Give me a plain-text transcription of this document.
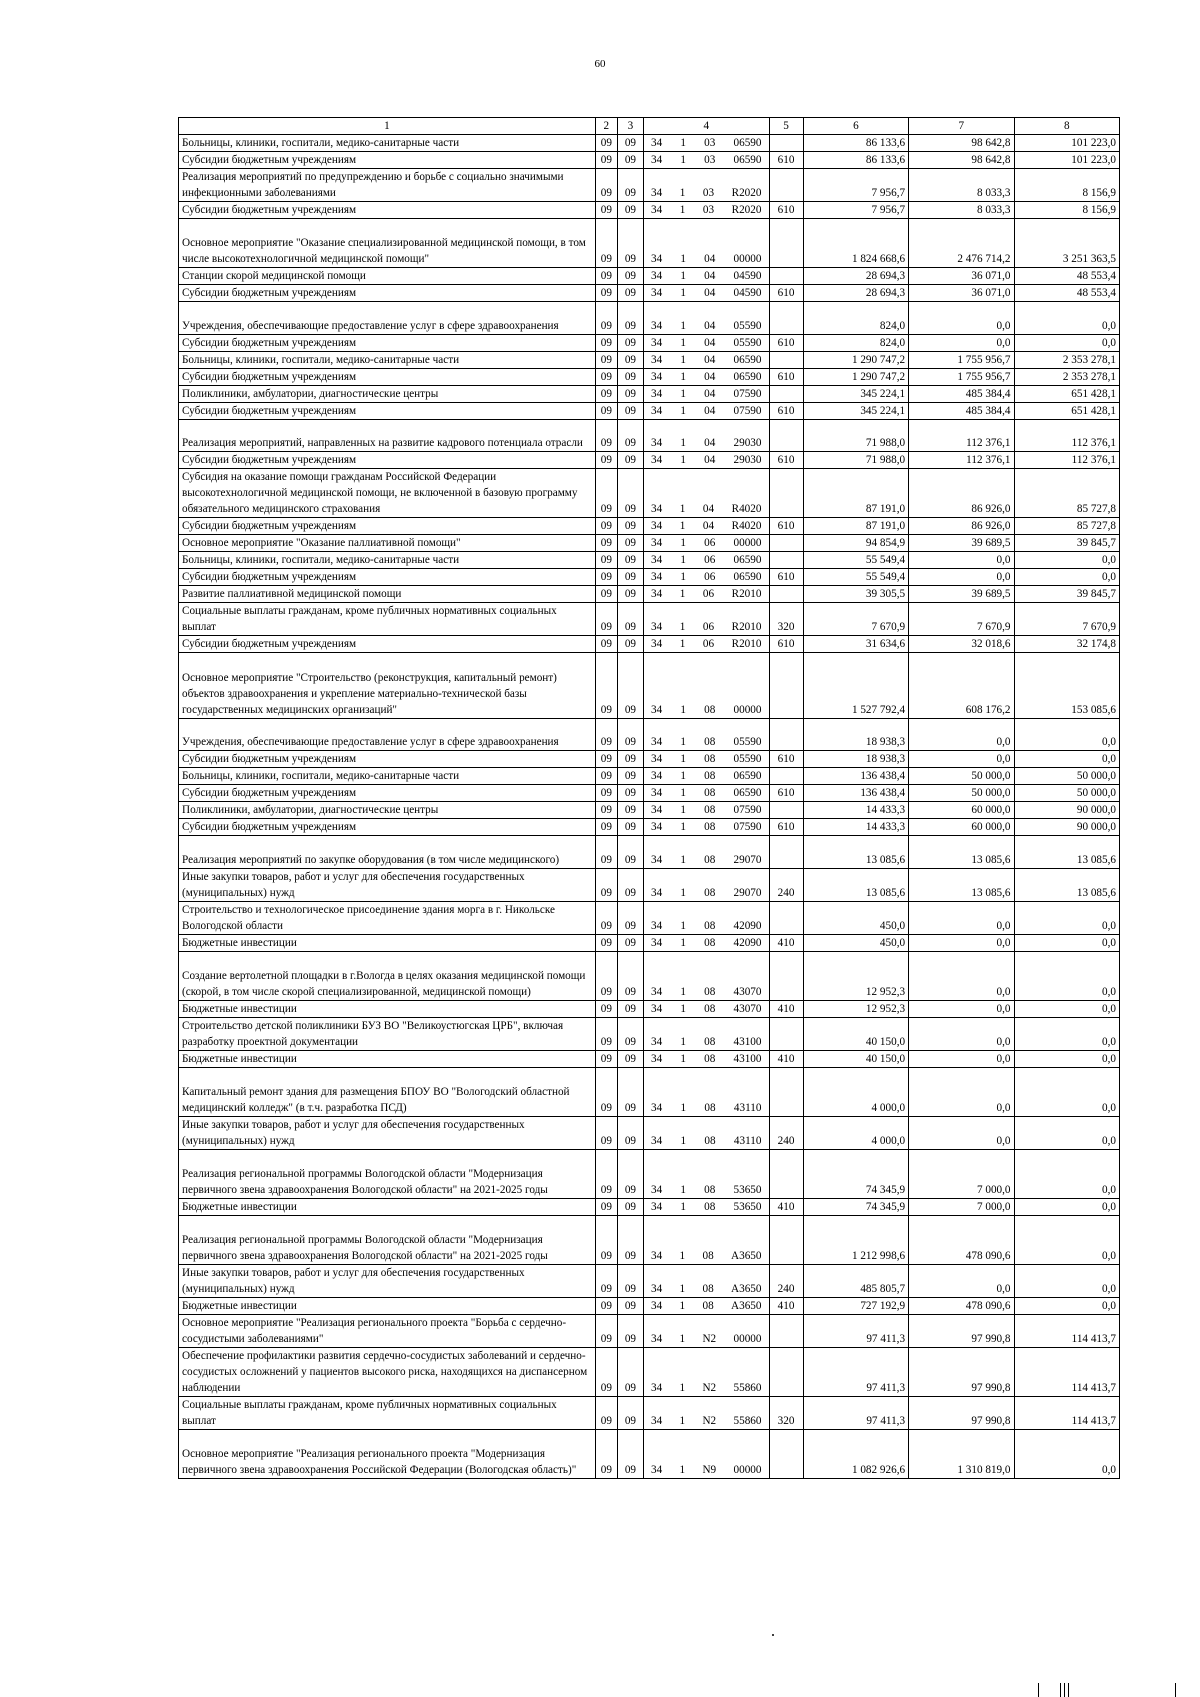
60
1	2	3	4	5	6	7	8
Больницы, клиники, госпитали, медико-санитарные части	09	09	34 1 03 06590		86 133,6	98 642,8	101 223,0
Субсидии бюджетным учреждениям	09	09	34 1 03 06590	610	86 133,6	98 642,8	101 223,0
Реализация мероприятий по предупреждению и борьбе с социально значимыми инфекционными заболеваниями	09	09	34 1 03 R2020		7 956,7	8 033,3	8 156,9
Субсидии бюджетным учреждениям	09	09	34 1 03 R2020	610	7 956,7	8 033,3	8 156,9
Основное мероприятие "Оказание специализированной медицинской помощи, в том числе высокотехнологичной медицинской помощи"	09	09	34 1 04 00000		1 824 668,6	2 476 714,2	3 251 363,5
Станции скорой медицинской помощи	09	09	34 1 04 04590		28 694,3	36 071,0	48 553,4
Субсидии бюджетным учреждениям	09	09	34 1 04 04590	610	28 694,3	36 071,0	48 553,4
Учреждения, обеспечивающие предоставление услуг в сфере здравоохранения	09	09	34 1 04 05590		824,0	0,0	0,0
Субсидии бюджетным учреждениям	09	09	34 1 04 05590	610	824,0	0,0	0,0
Больницы, клиники, госпитали, медико-санитарные части	09	09	34 1 04 06590		1 290 747,2	1 755 956,7	2 353 278,1
Субсидии бюджетным учреждениям	09	09	34 1 04 06590	610	1 290 747,2	1 755 956,7	2 353 278,1
Поликлиники, амбулатории, диагностические центры	09	09	34 1 04 07590		345 224,1	485 384,4	651 428,1
Субсидии бюджетным учреждениям	09	09	34 1 04 07590	610	345 224,1	485 384,4	651 428,1
Реализация мероприятий, направленных на развитие кадрового потенциала отрасли	09	09	34 1 04 29030		71 988,0	112 376,1	112 376,1
Субсидии бюджетным учреждениям	09	09	34 1 04 29030	610	71 988,0	112 376,1	112 376,1
Субсидия на оказание помощи гражданам Российской Федерации высокотехнологичной медицинской помощи, не включенной в базовую программу обязательного медицинского страхования	09	09	34 1 04 R4020		87 191,0	86 926,0	85 727,8
Субсидии бюджетным учреждениям	09	09	34 1 04 R4020	610	87 191,0	86 926,0	85 727,8
Основное мероприятие "Оказание паллиативной помощи"	09	09	34 1 06 00000		94 854,9	39 689,5	39 845,7
Больницы, клиники, госпитали, медико-санитарные части	09	09	34 1 06 06590		55 549,4	0,0	0,0
Субсидии бюджетным учреждениям	09	09	34 1 06 06590	610	55 549,4	0,0	0,0
Развитие паллиативной медицинской помощи	09	09	34 1 06 R2010		39 305,5	39 689,5	39 845,7
Социальные выплаты гражданам, кроме публичных нормативных социальных выплат	09	09	34 1 06 R2010	320	7 670,9	7 670,9	7 670,9
Субсидии бюджетным учреждениям	09	09	34 1 06 R2010	610	31 634,6	32 018,6	32 174,8
Основное мероприятие "Строительство (реконструкция, капитальный ремонт) объектов здравоохранения и укрепление материально-технической базы государственных медицинских организаций"	09	09	34 1 08 00000		1 527 792,4	608 176,2	153 085,6
Учреждения, обеспечивающие предоставление услуг в сфере здравоохранения	09	09	34 1 08 05590		18 938,3	0,0	0,0
Субсидии бюджетным учреждениям	09	09	34 1 08 05590	610	18 938,3	0,0	0,0
Больницы, клиники, госпитали, медико-санитарные части	09	09	34 1 08 06590		136 438,4	50 000,0	50 000,0
Субсидии бюджетным учреждениям	09	09	34 1 08 06590	610	136 438,4	50 000,0	50 000,0
Поликлиники, амбулатории, диагностические центры	09	09	34 1 08 07590		14 433,3	60 000,0	90 000,0
Субсидии бюджетным учреждениям	09	09	34 1 08 07590	610	14 433,3	60 000,0	90 000,0
Реализация мероприятий по закупке оборудования (в том числе медицинского)	09	09	34 1 08 29070		13 085,6	13 085,6	13 085,6
Иные закупки товаров, работ и услуг для обеспечения государственных (муниципальных) нужд	09	09	34 1 08 29070	240	13 085,6	13 085,6	13 085,6
Строительство и технологическое присоединение здания морга в г. Никольске Вологодской области	09	09	34 1 08 42090		450,0	0,0	0,0
Бюджетные инвестиции	09	09	34 1 08 42090	410	450,0	0,0	0,0
Создание вертолетной площадки в г.Вологда в целях оказания медицинской помощи (скорой, в том числе скорой специализированной, медицинской помощи)	09	09	34 1 08 43070		12 952,3	0,0	0,0
Бюджетные инвестиции	09	09	34 1 08 43070	410	12 952,3	0,0	0,0
Строительство детской поликлиники БУЗ ВО "Великоустюгская ЦРБ", включая разработку проектной документации	09	09	34 1 08 43100		40 150,0	0,0	0,0
Бюджетные инвестиции	09	09	34 1 08 43100	410	40 150,0	0,0	0,0
Капитальный ремонт здания для размещения БПОУ ВО "Вологодский областной медицинский колледж" (в т.ч. разработка ПСД)	09	09	34 1 08 43110		4 000,0	0,0	0,0
Иные закупки товаров, работ и услуг для обеспечения государственных (муниципальных) нужд	09	09	34 1 08 43110	240	4 000,0	0,0	0,0
Реализация региональной программы Вологодской области "Модернизация первичного звена здравоохранения Вологодской области" на 2021-2025 годы	09	09	34 1 08 53650		74 345,9	7 000,0	0,0
Бюджетные инвестиции	09	09	34 1 08 53650	410	74 345,9	7 000,0	0,0
Реализация региональной программы Вологодской области "Модернизация первичного звена здравоохранения Вологодской области" на 2021-2025 годы	09	09	34 1 08 А3650		1 212 998,6	478 090,6	0,0
Иные закупки товаров, работ и услуг для обеспечения государственных (муниципальных) нужд	09	09	34 1 08 А3650	240	485 805,7	0,0	0,0
Бюджетные инвестиции	09	09	34 1 08 А3650	410	727 192,9	478 090,6	0,0
Основное мероприятие "Реализация регионального проекта "Борьба с сердечно-сосудистыми заболеваниями"	09	09	34 1 N2 00000		97 411,3	97 990,8	114 413,7
Обеспечение профилактики развития сердечно-сосудистых заболеваний и сердечно-сосудистых осложнений у пациентов высокого риска, находящихся на диспансерном наблюдении	09	09	34 1 N2 55860		97 411,3	97 990,8	114 413,7
Социальные выплаты гражданам, кроме публичных нормативных социальных выплат	09	09	34 1 N2 55860	320	97 411,3	97 990,8	114 413,7
Основное мероприятие "Реализация регионального проекта "Модернизация первичного звена здравоохранения Российской Федерации (Вологодская область)"	09	09	34 1 N9 00000		1 082 926,6	1 310 819,0	0,0
